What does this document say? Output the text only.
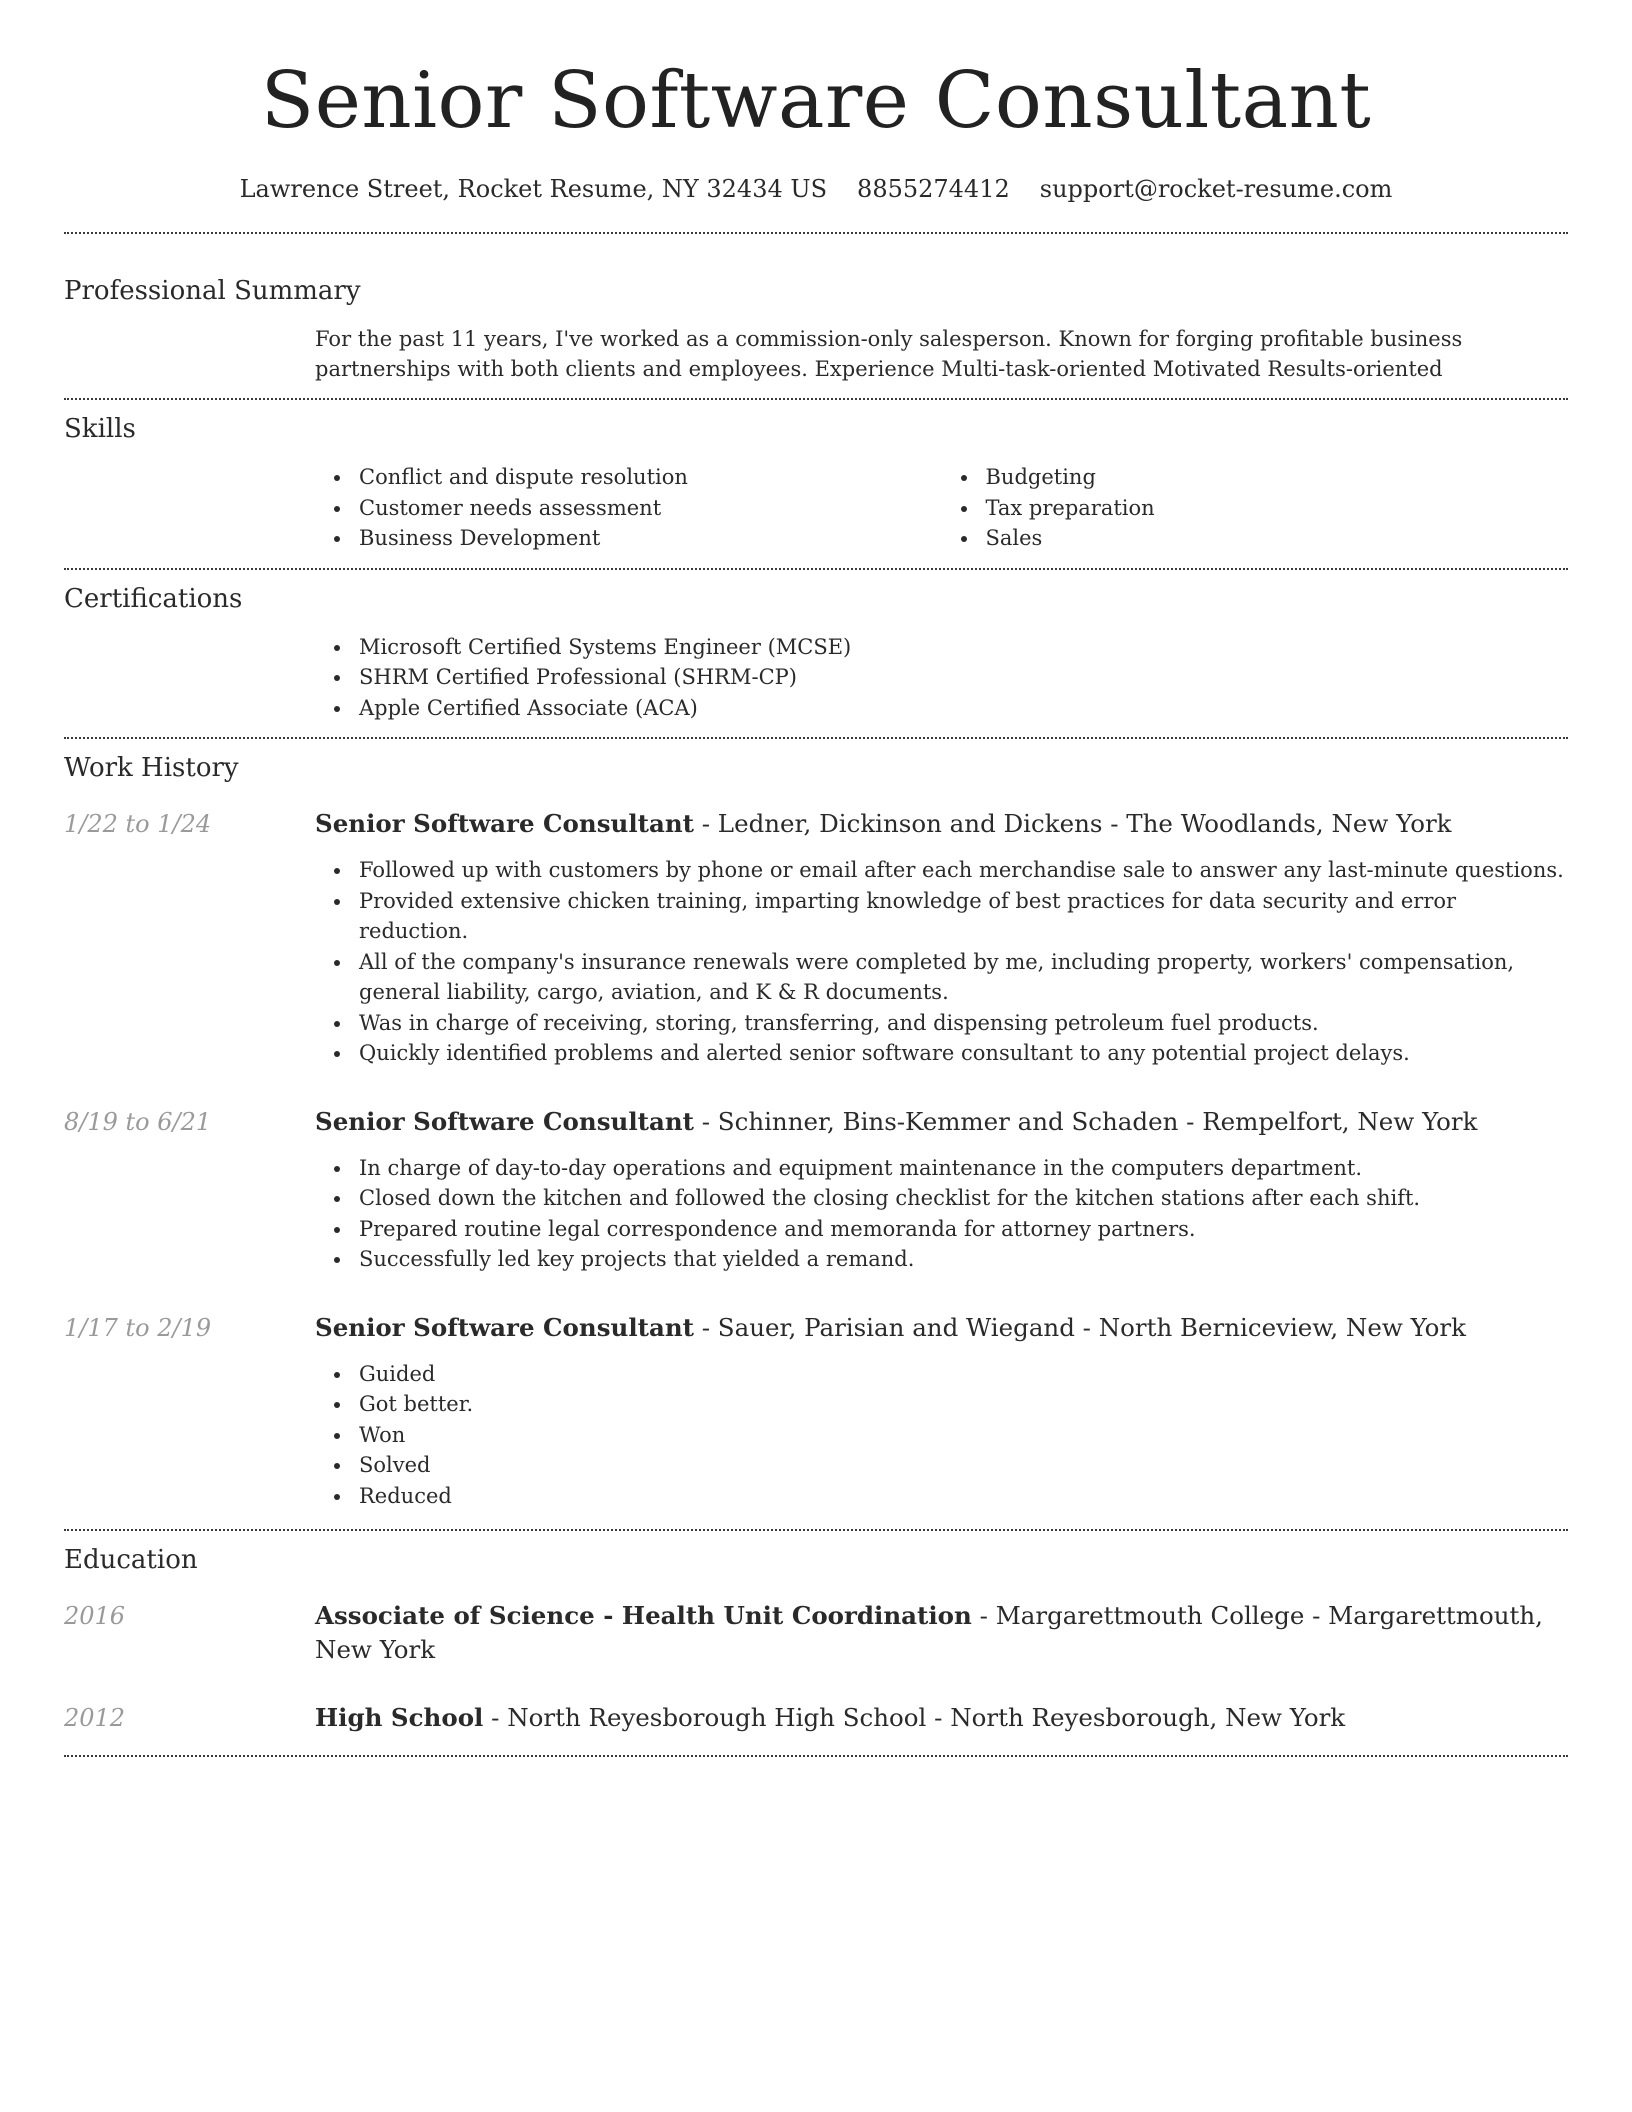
Senior Software Consultant
Lawrence Street, Rocket Resume, NY 32434 US 8855274412 support@rocket-resume.com
Professional Summary
For the past 11 years, I've worked as a commission-only salesperson. Known for forging profitable business partnerships with both clients and employees. Experience Multi-task-oriented Motivated Results-oriented
Skills
Conflict and dispute resolution
Customer needs assessment
Business Development
Budgeting
Tax preparation
Sales
Certifications
Microsoft Certified Systems Engineer (MCSE)
SHRM Certified Professional (SHRM-CP)
Apple Certified Associate (ACA)
Work History
1/22 to 1/24	Senior Software Consultant - Ledner, Dickinson and Dickens - The Woodlands, New York
Followed up with customers by phone or email after each merchandise sale to answer any last-minute questions.
Provided extensive chicken training, imparting knowledge of best practices for data security and error reduction.
All of the company's insurance renewals were completed by me, including property, workers' compensation, general liability, cargo, aviation, and K & R documents.
Was in charge of receiving, storing, transferring, and dispensing petroleum fuel products.
Quickly identified problems and alerted senior software consultant to any potential project delays.
8/19 to 6/21	Senior Software Consultant - Schinner, Bins-Kemmer and Schaden - Rempelfort, New York
In charge of day-to-day operations and equipment maintenance in the computers department.
Closed down the kitchen and followed the closing checklist for the kitchen stations after each shift.
Prepared routine legal correspondence and memoranda for attorney partners.
Successfully led key projects that yielded a remand.
1/17 to 2/19	Senior Software Consultant - Sauer, Parisian and Wiegand - North Berniceview, New York
Guided
Got better.
Won
Solved
Reduced
Education
2016	Associate of Science - Health Unit Coordination - Margarettmouth College - Margarettmouth, New York
2012	High School - North Reyesborough High School - North Reyesborough, New York
